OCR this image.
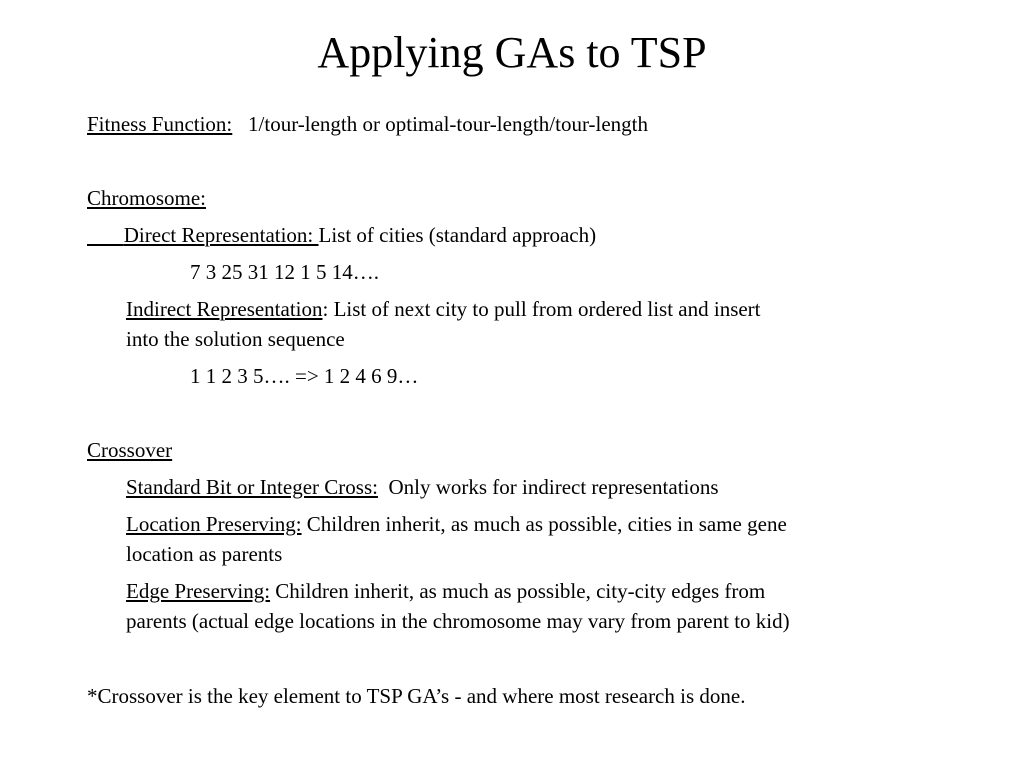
Applying GAs to TSP
Fitness Function: 1/tour-length or optimal-tour-length/tour-length
Chromosome:
Direct Representation: List of cities (standard approach)
7 3 25 31 12 1 5 14….
Indirect Representation: List of next city to pull from ordered list and insert
into the solution sequence
1 1 2 3 5…. => 1 2 4 6 9…
Crossover
Standard Bit or Integer Cross: Only works for indirect representations
Location Preserving: Children inherit, as much as possible, cities in same gene
location as parents
Edge Preserving: Children inherit, as much as possible, city-city edges from
parents (actual edge locations in the chromosome may vary from parent to kid)
*Crossover is the key element to TSP GA’s - and where most research is done.
